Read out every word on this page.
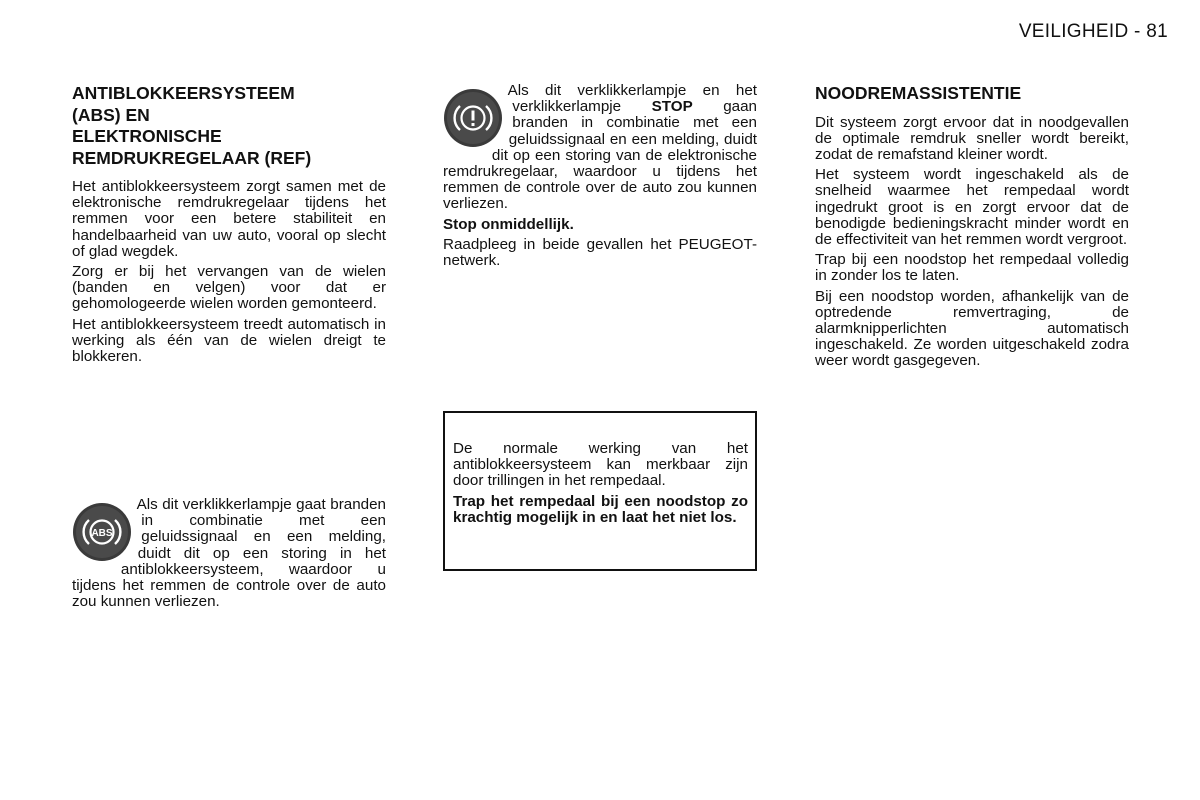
VEILIGHEID - 81
ANTIBLOKKEERSYSTEEM
(ABS) EN
ELEKTRONISCHE
REMDRUKREGELAAR (REF)

Het antiblokkeersysteem zorgt samen met de elektronische remdrukregelaar tijdens het remmen voor een betere stabiliteit en handelbaarheid van uw auto, vooral op slecht of glad wegdek.

Zorg er bij het vervangen van de wielen (banden en velgen) voor dat er gehomologeerde wielen worden gemonteerd.

Het antiblokkeersysteem treedt automatisch in werking als één van de wielen dreigt te blokkeren.

ABS

Als dit verklikkerlampje gaat branden in combinatie met een geluidssignaal en een melding, duidt dit op een storing in het antiblokkeersysteem, waardoor u tijdens het remmen de controle over de auto zou kunnen verliezen.

Als dit verklikkerlampje en het verklikkerlampje STOP gaan branden in combinatie met een geluidssignaal en een melding, duidt dit op een storing van de elektronische remdrukregelaar, waardoor u tijdens het remmen de controle over de auto zou kunnen verliezen.

Stop onmiddellijk.

Raadpleeg in beide gevallen het PEUGEOT-netwerk.

De normale werking van het antiblokkeersysteem kan merkbaar zijn door trillingen in het rempedaal.

Trap het rempedaal bij een noodstop zo krachtig mogelijk in en laat het niet los.

NOODREMASSISTENTIE

Dit systeem zorgt ervoor dat in noodgevallen de optimale remdruk sneller wordt bereikt, zodat de remafstand kleiner wordt.

Het systeem wordt ingeschakeld als de snelheid waarmee het rempedaal wordt ingedrukt groot is en zorgt ervoor dat de benodigde bedieningskracht minder wordt en de effectiviteit van het remmen wordt vergroot.

Trap bij een noodstop het rempedaal volledig in zonder los te laten.

Bij een noodstop worden, afhankelijk van de optredende remvertraging, de alarmknipperlichten automatisch ingeschakeld. Ze worden uitgeschakeld zodra weer wordt gasgegeven.
